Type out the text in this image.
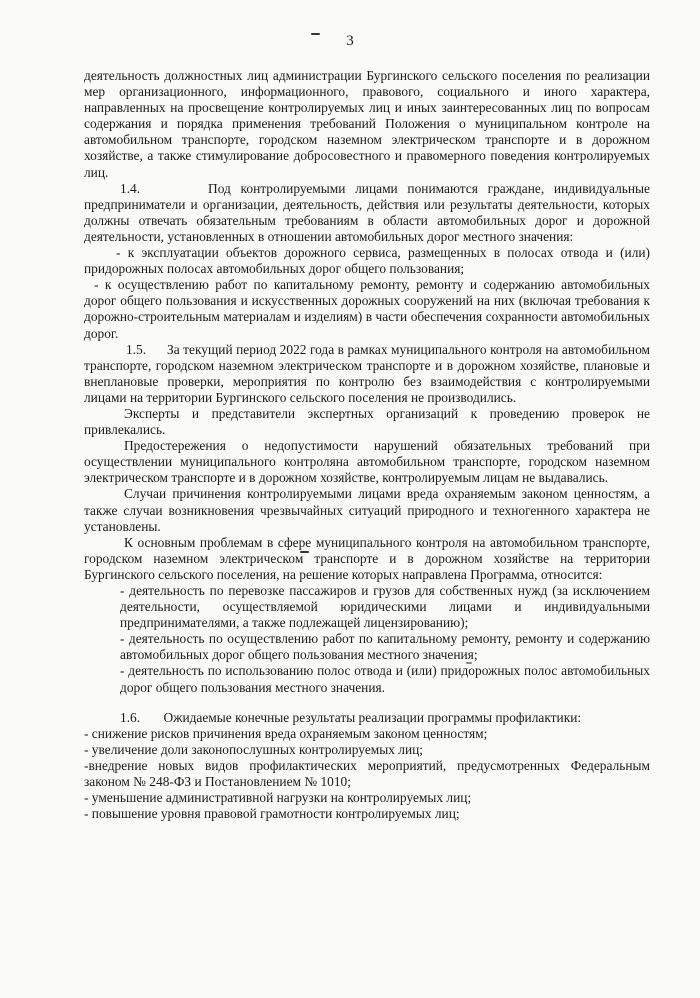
3

деятельность должностных лиц администрации Бургинского сельского поселения по реализации мер организационного, информационного, правового, социального и иного характера, направленных на просвещение контролируемых лиц и иных заинтересованных лиц по вопросам содержания и порядка применения требований Положения о муниципальном контроле на автомобильном транспорте, городском наземном электрическом транспорте и в дорожном хозяйстве, а также стимулирование добросовестного и правомерного поведения контролируемых лиц.

1.4.       Под контролируемыми лицами понимаются граждане, индивидуальные предприниматели и организации, деятельность, действия или результаты деятельности, которых должны отвечать обязательным требованиям в области автомобильных дорог и дорожной деятельности, установленных в отношении автомобильных дорог местного значения:

- к эксплуатации объектов дорожного сервиса, размещенных в полосах отвода и (или) придорожных полосах автомобильных дорог общего пользования;

- к осуществлению работ по капитальному ремонту, ремонту и содержанию автомобильных дорог общего пользования и искусственных дорожных сооружений на них (включая требования к дорожно-строительным материалам и изделиям) в части обеспечения сохранности автомобильных дорог.

1.5.      За текущий период 2022 года в рамках муниципального контроля на автомобильном транспорте, городском наземном электрическом транспорте и в дорожном хозяйстве, плановые и внеплановые проверки, мероприятия по контролю без взаимодействия с контролируемыми лицами на территории Бургинского сельского поселения не производились.

Эксперты и представители экспертных организаций к проведению проверок не привлекались.

Предостережения о недопустимости нарушений обязательных требований при осуществлении муниципального контроляна автомобильном транспорте, городском наземном электрическом транспорте и в дорожном хозяйстве, контролируемым лицам не выдавались.

Случаи причинения контролируемыми лицами вреда охраняемым законом ценностям, а также случаи возникновения чрезвычайных ситуаций природного и техногенного характера не установлены.

К основным проблемам в сфере муниципального контроля на автомобильном транспорте, городском наземном электрическом транспорте и в дорожном хозяйстве на территории Бургинского сельского поселения, на решение которых направлена Программа, относится:

- деятельность по перевозке пассажиров и грузов для собственных нужд (за исключением деятельности, осуществляемой юридическими лицами и индивидуальными предпринимателями, а также подлежащей лицензированию);

- деятельность по осуществлению работ по капитальному ремонту, ремонту и содержанию автомобильных дорог общего пользования местного значения;

- деятельность по использованию полос отвода и (или) придорожных полос автомобильных дорог общего пользования местного значения.

1.6.       Ожидаемые конечные результаты реализации программы профилактики:

- снижение рисков причинения вреда охраняемым законом ценностям;

- увеличение доли законопослушных контролируемых лиц;

-внедрение новых видов профилактических мероприятий, предусмотренных Федеральным законом № 248-ФЗ и Постановлением № 1010;

- уменьшение административной нагрузки на контролируемых лиц;

- повышение уровня правовой грамотности контролируемых лиц;
